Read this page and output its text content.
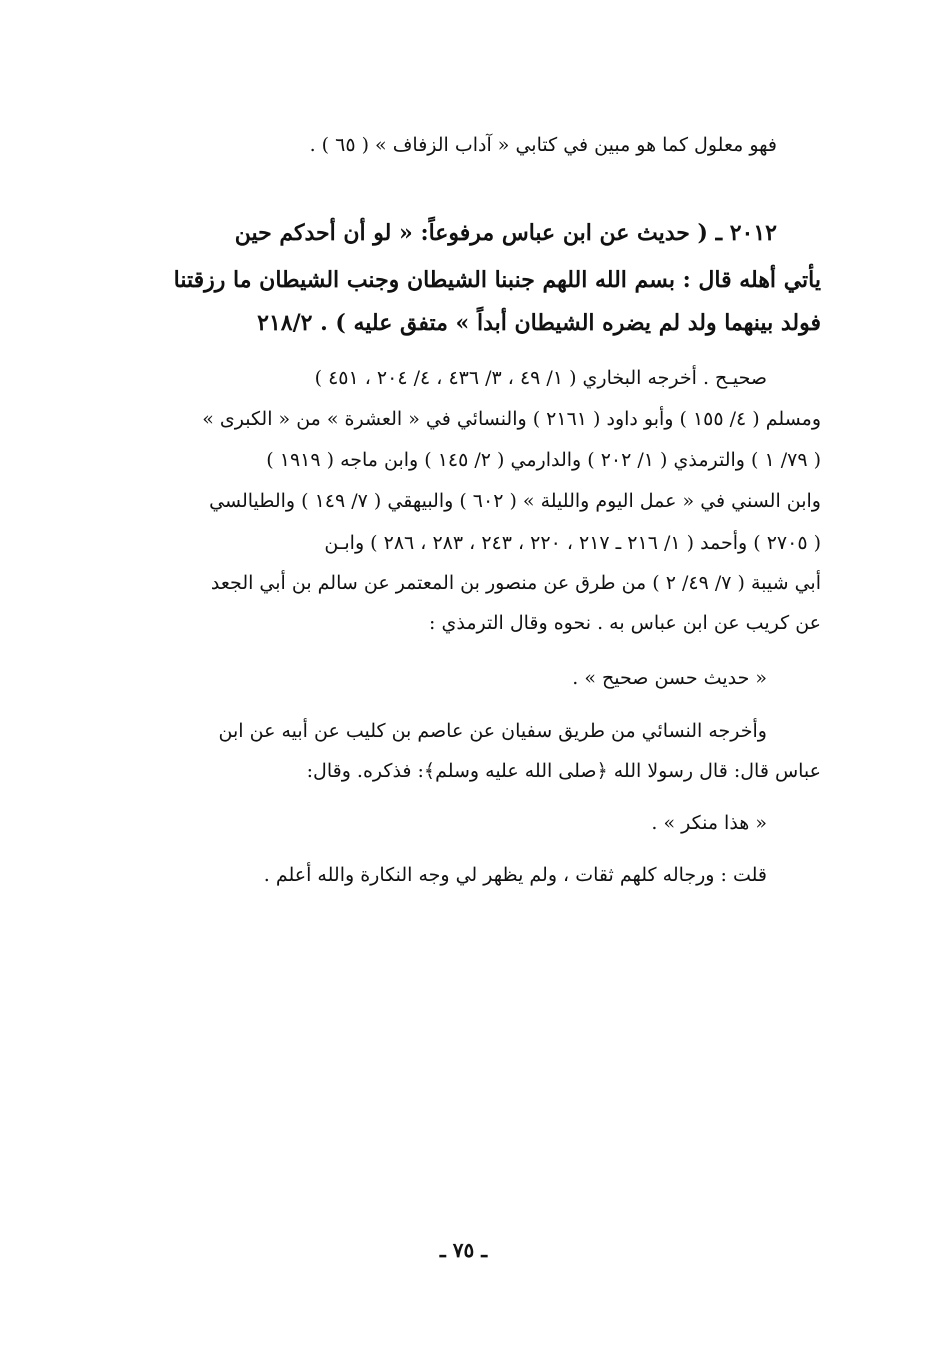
فهو معلول كما هو مبين في كتابي « آداب الزفاف » ( ٦٥ ) .
٢٠١٢ ـ ( حديث عن ابن عباس مرفوعاً: « لو أن أحدكم حين
يأتي أهله قال : بسم الله اللهم جنبنا الشيطان وجنب الشيطان ما رزقتنا
فولد بينهما ولد لم يضره الشيطان أبداً » متفق عليه ) . ٢١٨/٢
صحيـح . أخرجه البخاري ( ١/ ٤٩ ، ٣/ ٤٣٦ ، ٤/ ٢٠٤ ، ٤٥١ )
ومسلم ( ٤/ ١٥٥ ) وأبو داود ( ٢١٦١ ) والنسائي في « العشرة » من « الكبرى »
( ٧٩/ ١ ) والترمذي ( ١/ ٢٠٢ ) والدارمي ( ٢/ ١٤٥ ) وابن ماجه ( ١٩١٩ )
وابن السني في « عمل اليوم والليلة » ( ٦٠٢ ) والبيهقي ( ٧/ ١٤٩ ) والطيالسي
( ٢٧٠٥ ) وأحمد ( ١/ ٢١٦ ـ ٢١٧ ، ٢٢٠ ، ٢٤٣ ، ٢٨٣ ، ٢٨٦ ) وابـن
أبي شيبة ( ٧/ ٤٩/ ٢ ) من طرق عن منصور بن المعتمر عن سالم بن أبي الجعد
عن كريب عن ابن عباس به . نحوه وقال الترمذي :
« حديث حسن صحيح » .
وأخرجه النسائي من طريق سفيان عن عاصم بن كليب عن أبيه عن ابن
عباس قال: قال رسولا الله ﴿صلى الله عليه وسلم﴾: فذكره. وقال:
« هذا منكر » .
قلت : ورجاله كلهم ثقات ، ولم يظهر لي وجه النكارة والله أعلم .
ـ ٧٥ ـ
